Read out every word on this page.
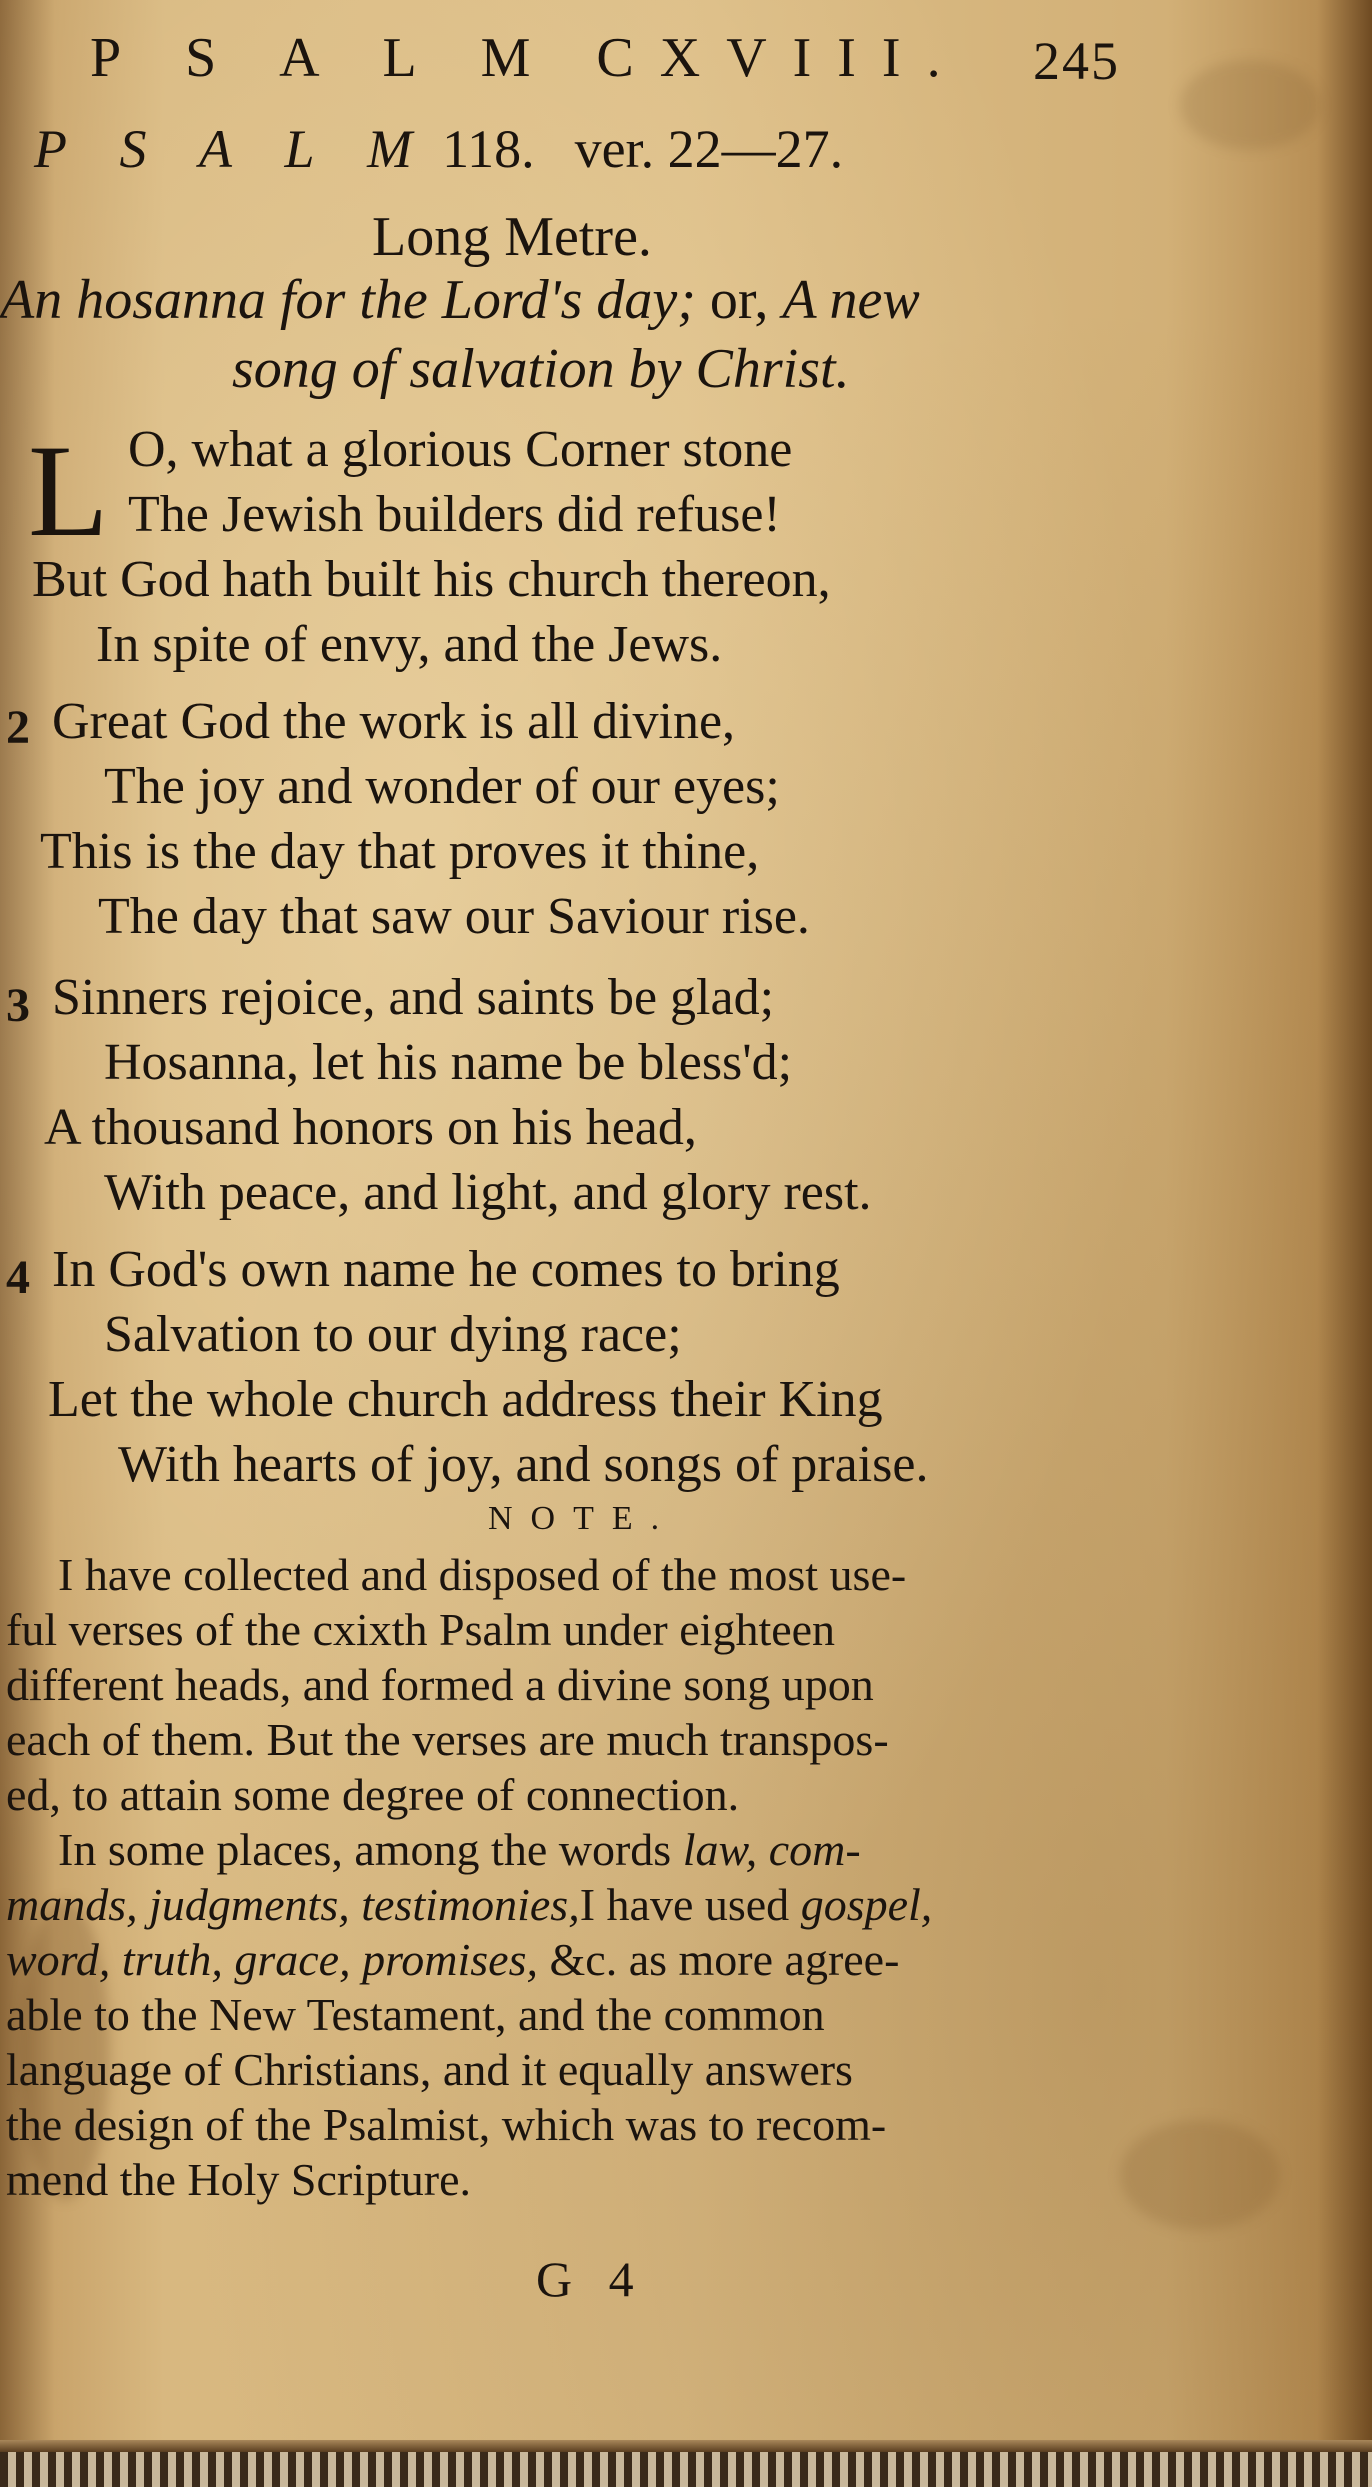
P S A L M CXVIII. 245
P S A L M 118. ver. 22—27.
Long Metre.
An hosanna for the Lord's day; or, A new
song of salvation by Christ.
L O, what a glorious Corner stone
The Jewish builders did refuse!
But God hath built his church thereon,
In spite of envy, and the Jews.
2 Great God the work is all divine,
The joy and wonder of our eyes;
This is the day that proves it thine,
The day that saw our Saviour rise.
3 Sinners rejoice, and saints be glad;
Hosanna, let his name be bless'd;
A thousand honors on his head,
With peace, and light, and glory rest.
4 In God's own name he comes to bring
Salvation to our dying race;
Let the whole church address their King
With hearts of joy, and songs of praise.
NOTE.
I have collected and disposed of the most use-
ful verses of the cxixth Psalm under eighteen
different heads, and formed a divine song upon
each of them. But the verses are much transpos-
ed, to attain some degree of connection.
In some places, among the words law, com-
mands, judgments, testimonies,I have used gospel,
word, truth, grace, promises, &c. as more agree-
able to the New Testament, and the common
language of Christians, and it equally answers
the design of the Psalmist, which was to recom-
mend the Holy Scripture.
G 4
